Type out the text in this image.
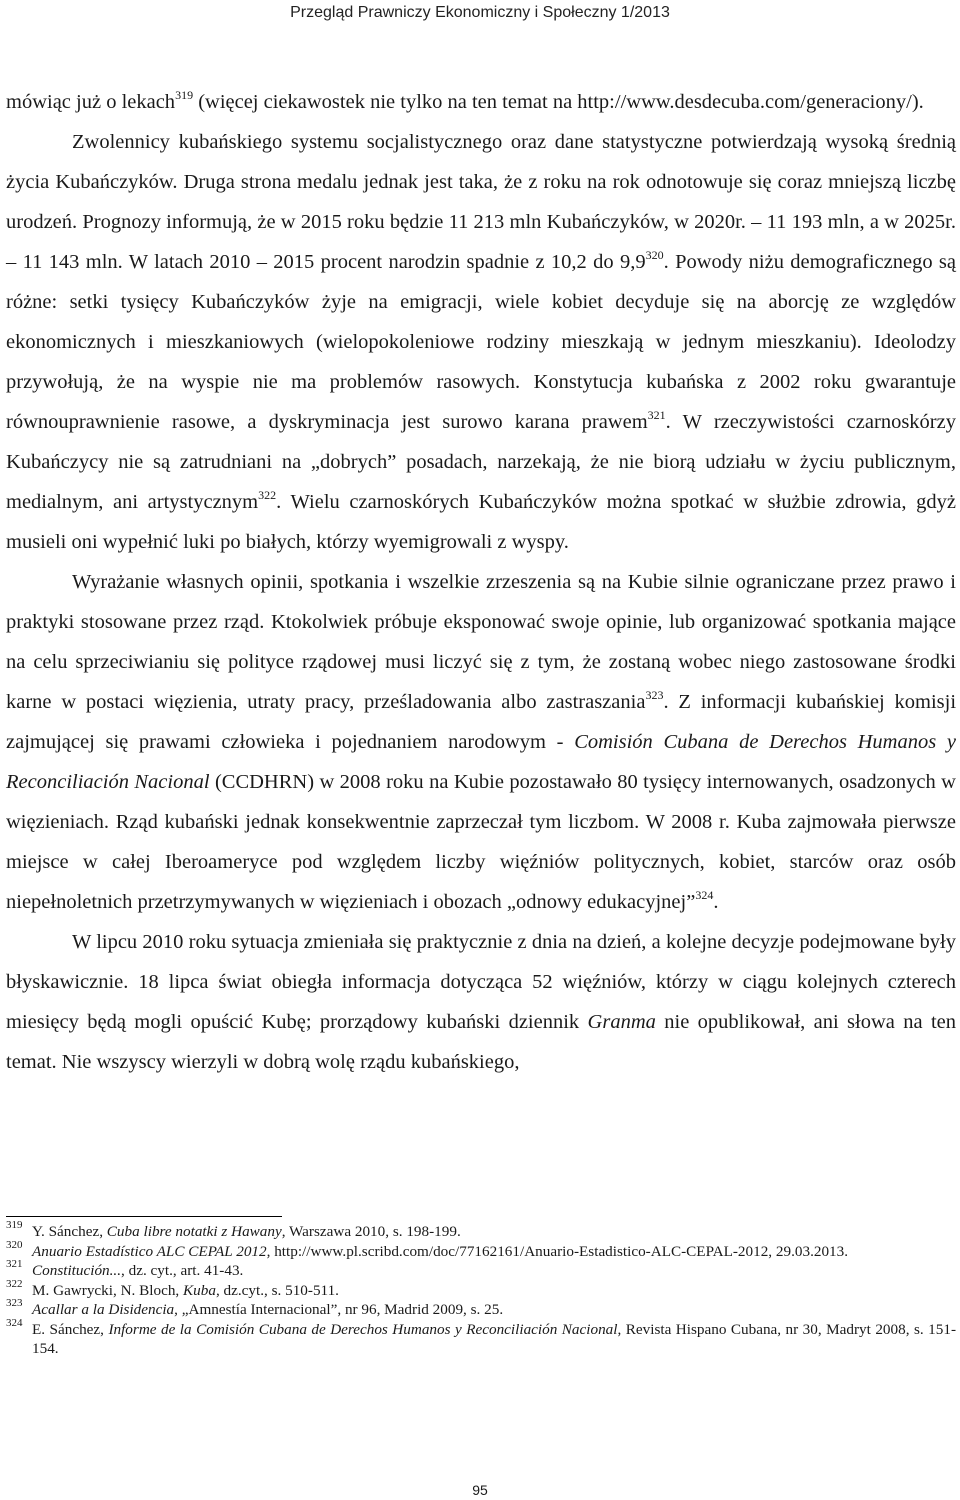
Przegląd Prawniczy Ekonomiczny i Społeczny 1/2013

mówiąc już o lekach$^{319}$ (więcej ciekawostek nie tylko na ten temat na http://www.desdecuba.com/generaciony/).

Zwolennicy kubańskiego systemu socjalistycznego oraz dane statystyczne potwierdzają wysoką średnią życia Kubańczyków. Druga strona medalu jednak jest taka, że z roku na rok odnotowuje się coraz mniejszą liczbę urodzeń. Prognozy informują, że w 2015 roku będzie 11 213 mln Kubańczyków, w 2020r. – 11 193 mln, a w 2025r. – 11 143 mln. W latach 2010 – 2015 procent narodzin spadnie z 10,2 do $9,9^{320}$. Powody niżu demograficznego są różne: setki tysięcy Kubańczyków żyje na emigracji, wiele kobiet decyduje się na aborcję ze względów ekonomicznych i mieszkaniowych (wielopokoleniowe rodziny mieszkają w jednym mieszkaniu). Ideolodzy przywołują, że na wyspie nie ma problemów rasowych. Konstytucja kubańska z 2002 roku gwarantuje równouprawnienie rasowe, a dyskryminacja jest surowo karana prawem$^{321}$. W rzeczywistości czarnoskórzy Kubańczycy nie są zatrudniani na „dobrych” posadach, narzekają, że nie biorą udziału w życiu publicznym, medialnym, ani artystycznym$^{322}$. Wielu czarnoskórych Kubańczyków można spotkać w służbie zdrowia, gdyż musieli oni wypełnić luki po białych, którzy wyemigrowali z wyspy.

Wyrażanie własnych opinii, spotkania i wszelkie zrzeszenia są na Kubie silnie ograniczane przez prawo i praktyki stosowane przez rząd. Ktokolwiek próbuje eksponować swoje opinie, lub organizować spotkania mające na celu sprzeciwianiu się polityce rządowej musi liczyć się z tym, że zostaną wobec niego zastosowane środki karne w postaci więzienia, utraty pracy, prześladowania albo zastraszania$^{323}$. Z informacji kubańskiej komisji zajmującej się prawami człowieka i pojednaniem narodowym - Comisión Cubana de Derechos Humanos y Reconciliación Nacional (CCDHRN) w 2008 roku na Kubie pozostawało 80 tysięcy internowanych, osadzonych w więzieniach. Rząd kubański jednak konsekwentnie zaprzeczał tym liczbom. W 2008 r. Kuba zajmowała pierwsze miejsce w całej Iberoameryce pod względem liczby więźniów politycznych, kobiet, starców oraz osób niepełnoletnich przetrzymywanych w więzieniach i obozach „odnowy edukacyjnej”$^{324}$.

W lipcu 2010 roku sytuacja zmieniała się praktycznie z dnia na dzień, a kolejne decyzje podejmowane były błyskawicznie. 18 lipca świat obiegła informacja dotycząca 52 więźniów, którzy w ciągu kolejnych czterech miesięcy będą mogli opuścić Kubę; prorządowy kubański dziennik Granma nie opublikował, ani słowa na ten temat. Nie wszyscy wierzyli w dobrą wolę rządu kubańskiego,

319 Y. Sánchez, Cuba libre notatki z Hawany, Warszawa 2010, s. 198-199.
320 Anuario Estadístico ALC CEPAL 2012, http://www.pl.scribd.com/doc/77162161/Anuario-Estadistico-ALC-CEPAL-2012, 29.03.2013.
321 Constitución..., dz. cyt., art. 41-43.
322 M. Gawrycki, N. Bloch, Kuba, dz.cyt., s. 510-511.
323 Acallar a la Disidencia, „Amnestía Internacional”, nr 96, Madrid 2009, s. 25.
324 E. Sánchez, Informe de la Comisión Cubana de Derechos Humanos y Reconciliación Nacional, Revista Hispano Cubana, nr 30, Madryt 2008, s. 151-154.
95
